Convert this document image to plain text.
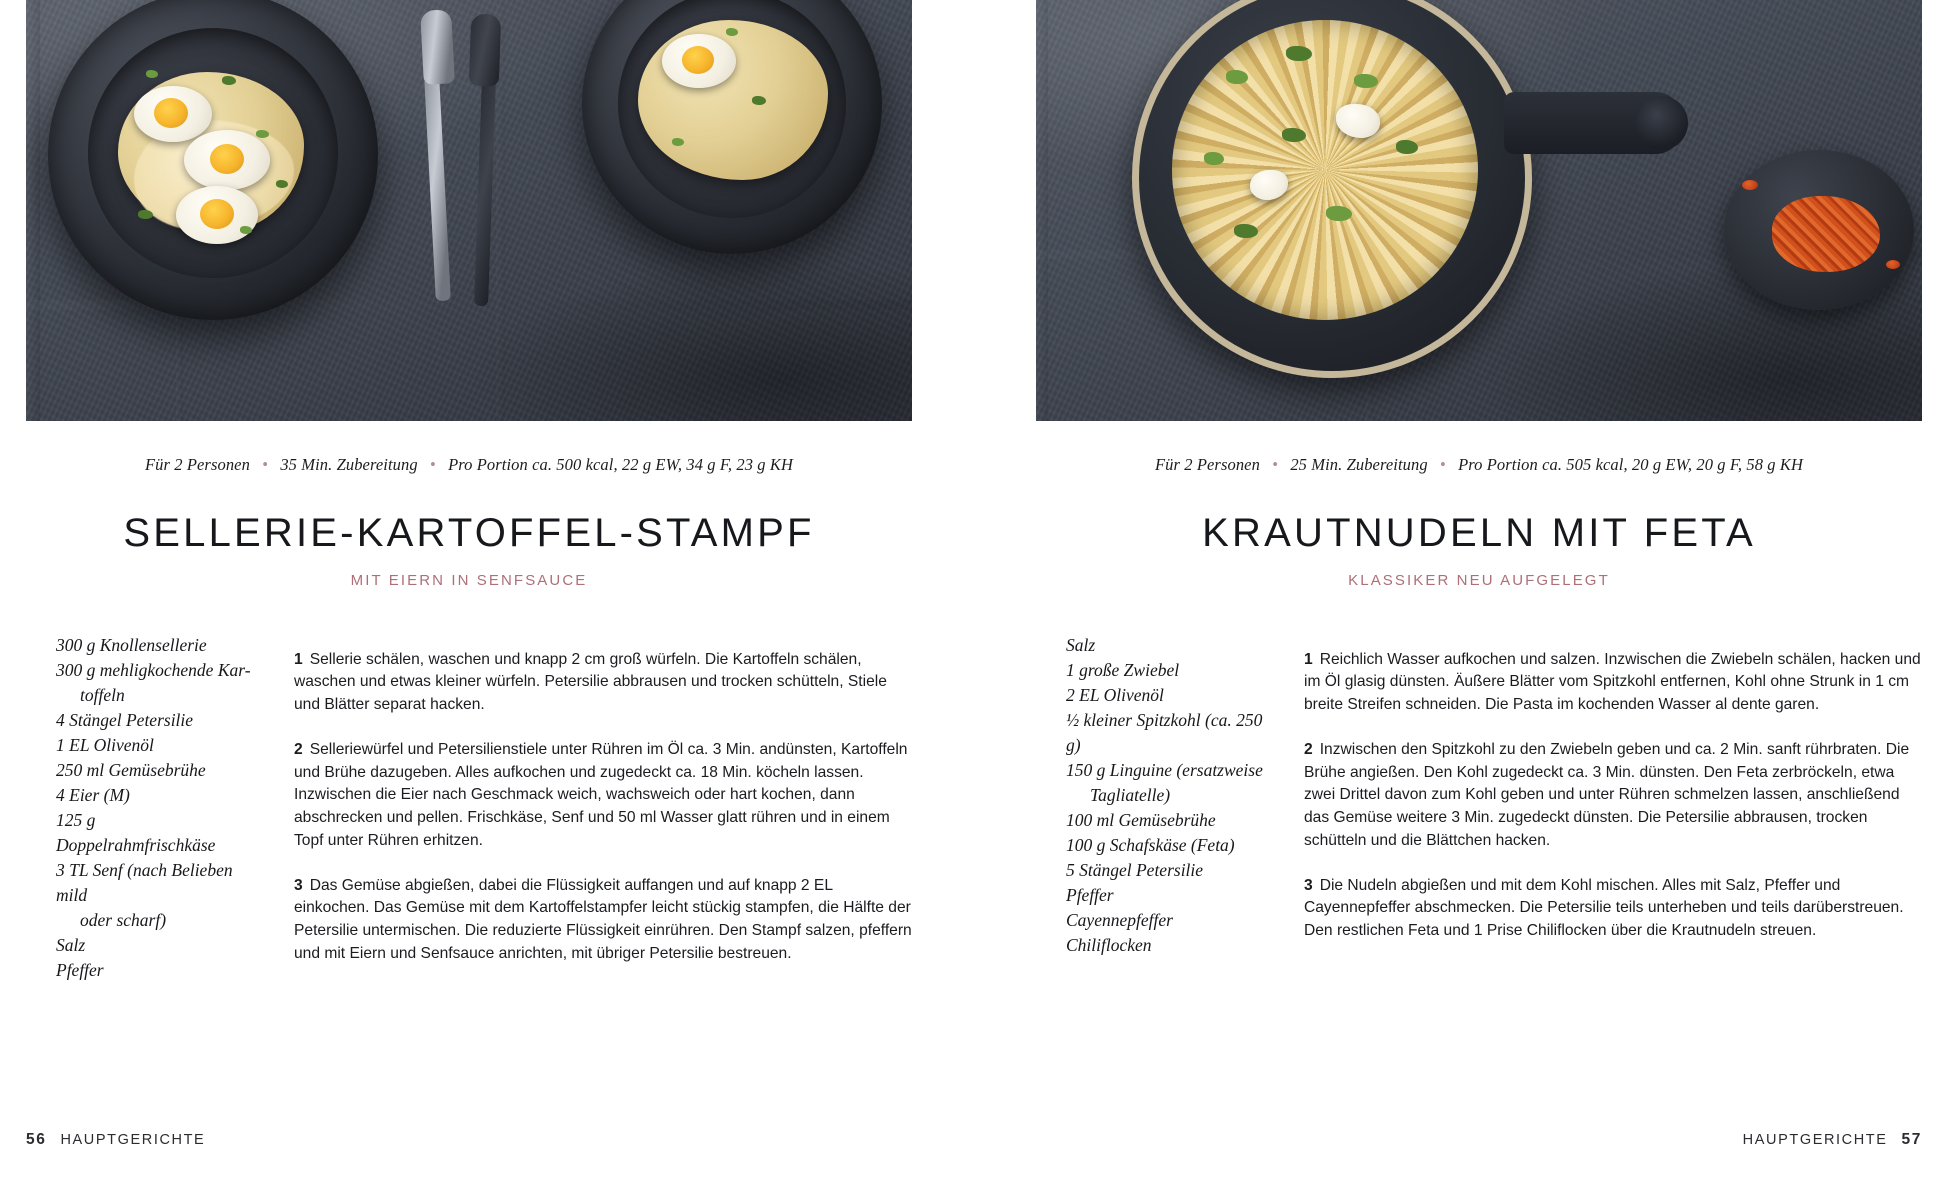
Für 2 Personen • 35 Min. Zubereitung • Pro Portion ca. 500 kcal, 22 g EW, 34 g F, 23 g KH
SELLERIE-KARTOFFEL-STAMPF
MIT EIERN IN SENFSAUCE

300 g Knollensellerie

300 g mehligkochende Kar-
toffeln

4 Stängel Petersilie

1 EL Olivenöl

250 ml Gemüsebrühe

4 Eier (M)

125 g Doppelrahmfrischkäse

3 TL Senf (nach Belieben mild
oder scharf)

Salz

Pfeffer

1 Sellerie schälen, waschen und knapp 2 cm groß würfeln. Die Kartoffeln schälen, waschen und etwas kleiner würfeln. Petersilie abbrausen und trocken schütteln, Stiele und Blätter separat hacken.

2 Selleriewürfel und Petersilienstiele unter Rühren im Öl ca. 3 Min. andünsten, Kartoffeln und Brühe dazugeben. Alles aufkochen und zugedeckt ca. 18 Min. köcheln lassen. Inzwischen die Eier nach Geschmack weich, wachsweich oder hart kochen, dann abschrecken und pellen. Frischkäse, Senf und 50 ml Wasser glatt rühren und in einem Topf unter Rühren erhitzen.

3 Das Gemüse abgießen, dabei die Flüssigkeit auffangen und auf knapp 2 EL einkochen. Das Gemüse mit dem Kartoffelstampfer leicht stückig stampfen, die Hälfte der Petersilie untermischen. Die reduzierte Flüssigkeit einrühren. Den Stampf salzen, pfeffern und mit Eiern und Senfsauce anrichten, mit übriger Petersilie bestreuen.

56 HAUPTGERICHTE
Für 2 Personen • 25 Min. Zubereitung • Pro Portion ca. 505 kcal, 20 g EW, 20 g F, 58 g KH
KRAUTNUDELN MIT FETA
KLASSIKER NEU AUFGELEGT

Salz

1 große Zwiebel

2 EL Olivenöl

½ kleiner Spitzkohl (ca. 250 g)

150 g Linguine (ersatzweise
Tagliatelle)

100 ml Gemüsebrühe

100 g Schafskäse (Feta)

5 Stängel Petersilie

Pfeffer

Cayennepfeffer

Chiliflocken

1 Reichlich Wasser aufkochen und salzen. Inzwischen die Zwiebeln schälen, hacken und im Öl glasig dünsten. Äußere Blätter vom Spitzkohl entfernen, Kohl ohne Strunk in 1 cm breite Streifen schneiden. Die Pasta im kochenden Wasser al dente garen.

2 Inzwischen den Spitzkohl zu den Zwiebeln geben und ca. 2 Min. sanft rührbraten. Die Brühe angießen. Den Kohl zugedeckt ca. 3 Min. dünsten. Den Feta zerbröckeln, etwa zwei Drittel davon zum Kohl geben und unter Rühren schmelzen lassen, anschließend das Gemüse weitere 3 Min. zugedeckt dünsten. Die Petersilie abbrausen, trocken schütteln und die Blättchen hacken.

3 Die Nudeln abgießen und mit dem Kohl mischen. Alles mit Salz, Pfeffer und Cayennepfeffer abschmecken. Die Petersilie teils unterheben und teils darüberstreuen. Den restlichen Feta und 1 Prise Chiliflocken über die Krautnudeln streuen.

HAUPTGERICHTE 57
